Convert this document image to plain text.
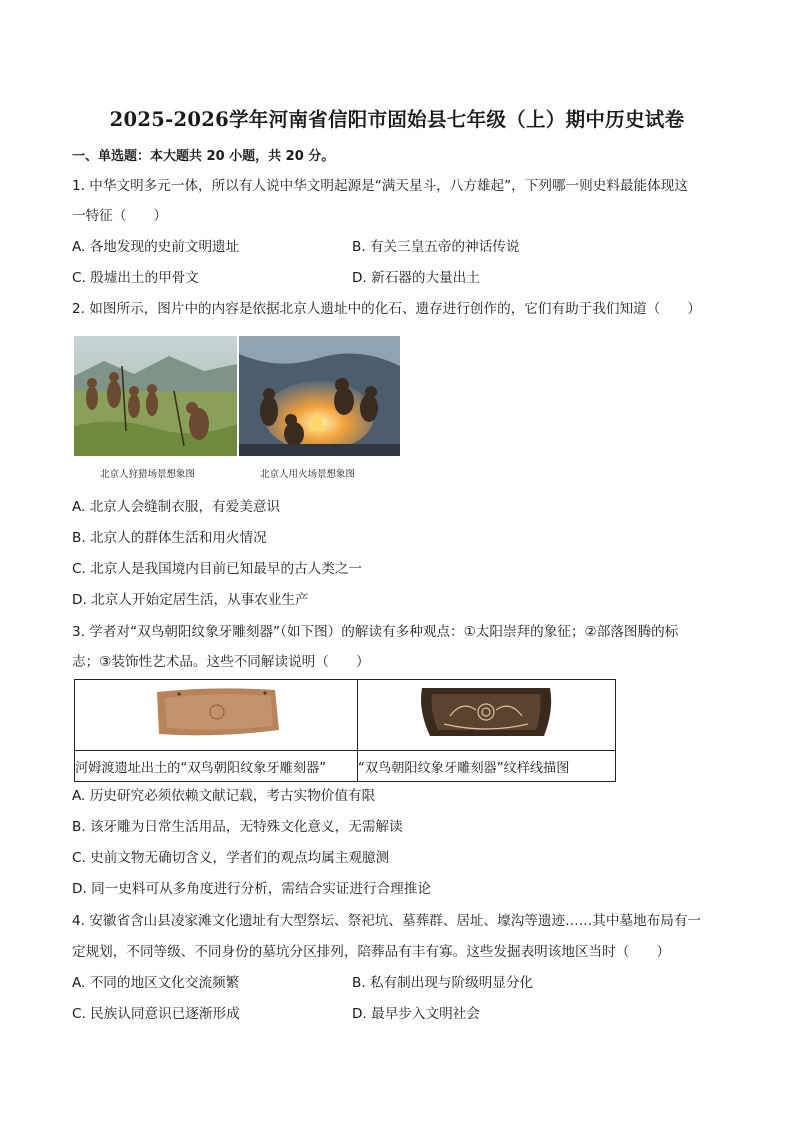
2025-2026学年河南省信阳市固始县七年级（上）期中历史试卷
一、单选题：本大题共 20 小题，共 20 分。
1. 中华文明多元一体，所以有人说中华文明起源是“满天星斗，八方雄起”，下列哪一则史料最能体现这
一特征（　　）
A. 各地发现的史前文明遗址	B. 有关三皇五帝的神话传说
C. 殷墟出土的甲骨文	D. 新石器的大量出土
2. 如图所示，图片中的内容是依据北京人遗址中的化石、遗存进行创作的，它们有助于我们知道（　　）
北京人狩猎场景想象图	北京人用火场景想象图
A. 北京人会缝制衣服，有爱美意识
B. 北京人的群体生活和用火情况
C. 北京人是我国境内目前已知最早的古人类之一
D. 北京人开始定居生活，从事农业生产
3. 学者对“双鸟朝阳纹象牙雕刻器”（如下图）的解读有多种观点：①太阳崇拜的象征；②部落图腾的标
志；③装饰性艺术品。这些不同解读说明（　　）

河姆渡遗址出土的“双鸟朝阳纹象牙雕刻器”	“双鸟朝阳纹象牙雕刻器”纹样线描图
A. 历史研究必须依赖文献记载，考古实物价值有限
B. 该牙雕为日常生活用品，无特殊文化意义，无需解读
C. 史前文物无确切含义，学者们的观点均属主观臆测
D. 同一史料可从多角度进行分析，需结合实证进行合理推论
4. 安徽省含山县凌家滩文化遗址有大型祭坛、祭祀坑、墓葬群、居址、壕沟等遗迹……其中墓地布局有一
定规划，不同等级、不同身份的墓坑分区排列，陪葬品有丰有寡。这些发掘表明该地区当时（　　）
A. 不同的地区文化交流频繁	B. 私有制出现与阶级明显分化
C. 民族认同意识已逐渐形成	D. 最早步入文明社会
